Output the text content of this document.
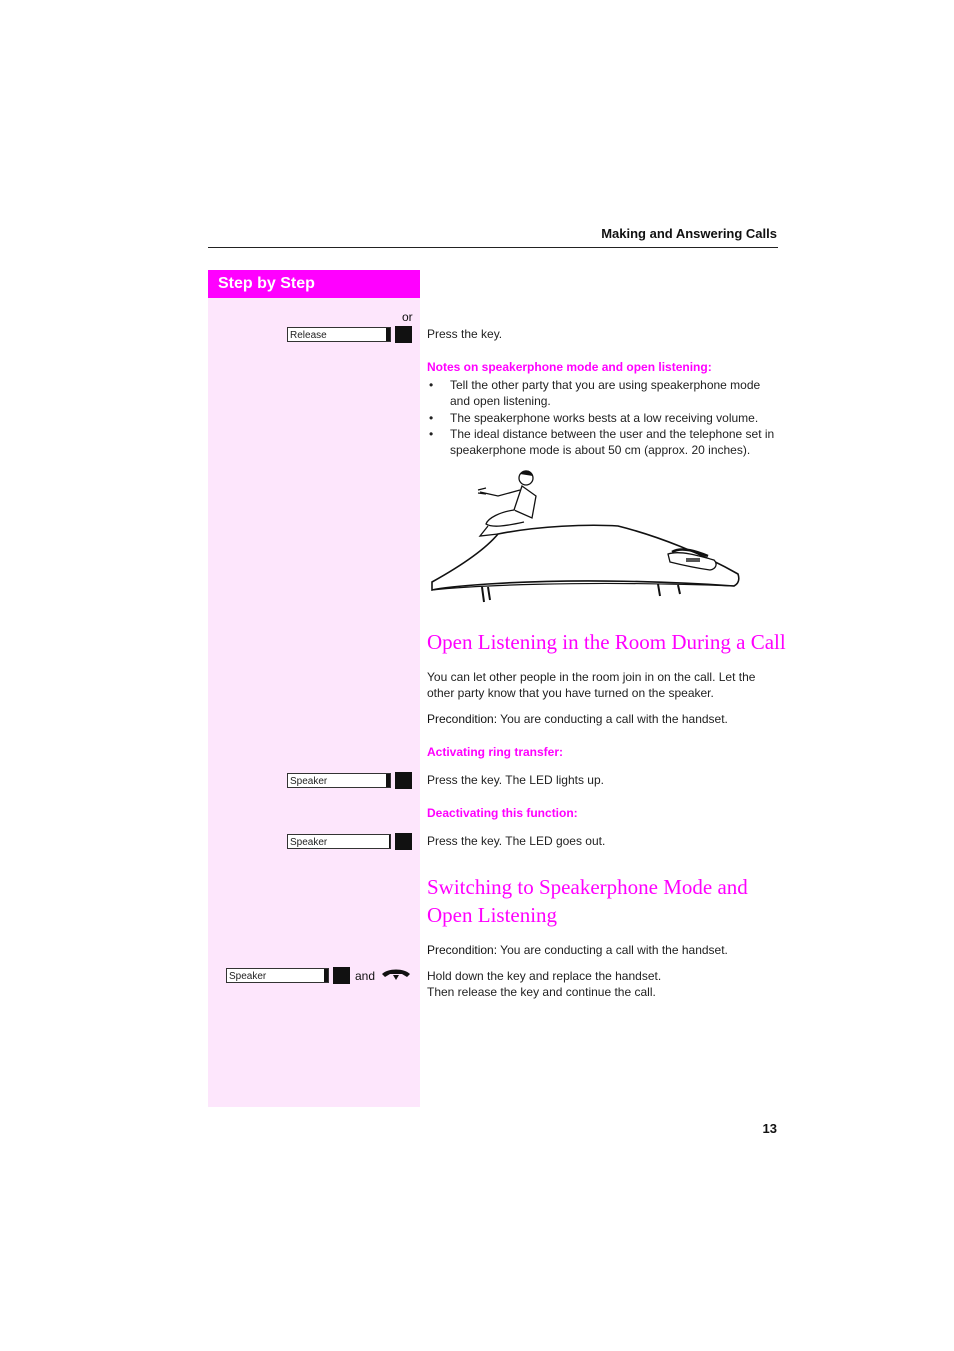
Making and Answering Calls
Step by Step
or
Release	Press the key.
Notes on speakerphone mode and open listening:
• Tell the other party that you are using speakerphone mode and open listening.
• The speakerphone works bests at a low receiving volume.
• The ideal distance between the user and the telephone set in speakerphone mode is about 50 cm (approx. 20 inches).
Open Listening in the Room During a Call
You can let other people in the room join in on the call. Let the other party know that you have turned on the speaker.
Precondition: You are conducting a call with the handset.
Activating ring transfer:
Speaker	Press the key. The LED lights up.
Deactivating this function:
Speaker	Press the key. The LED goes out.
Switching to Speakerphone Mode and
Open Listening
Precondition: You are conducting a call with the handset.
Speaker	and	Hold down the key and replace the handset.
Then release the key and continue the call.
13
